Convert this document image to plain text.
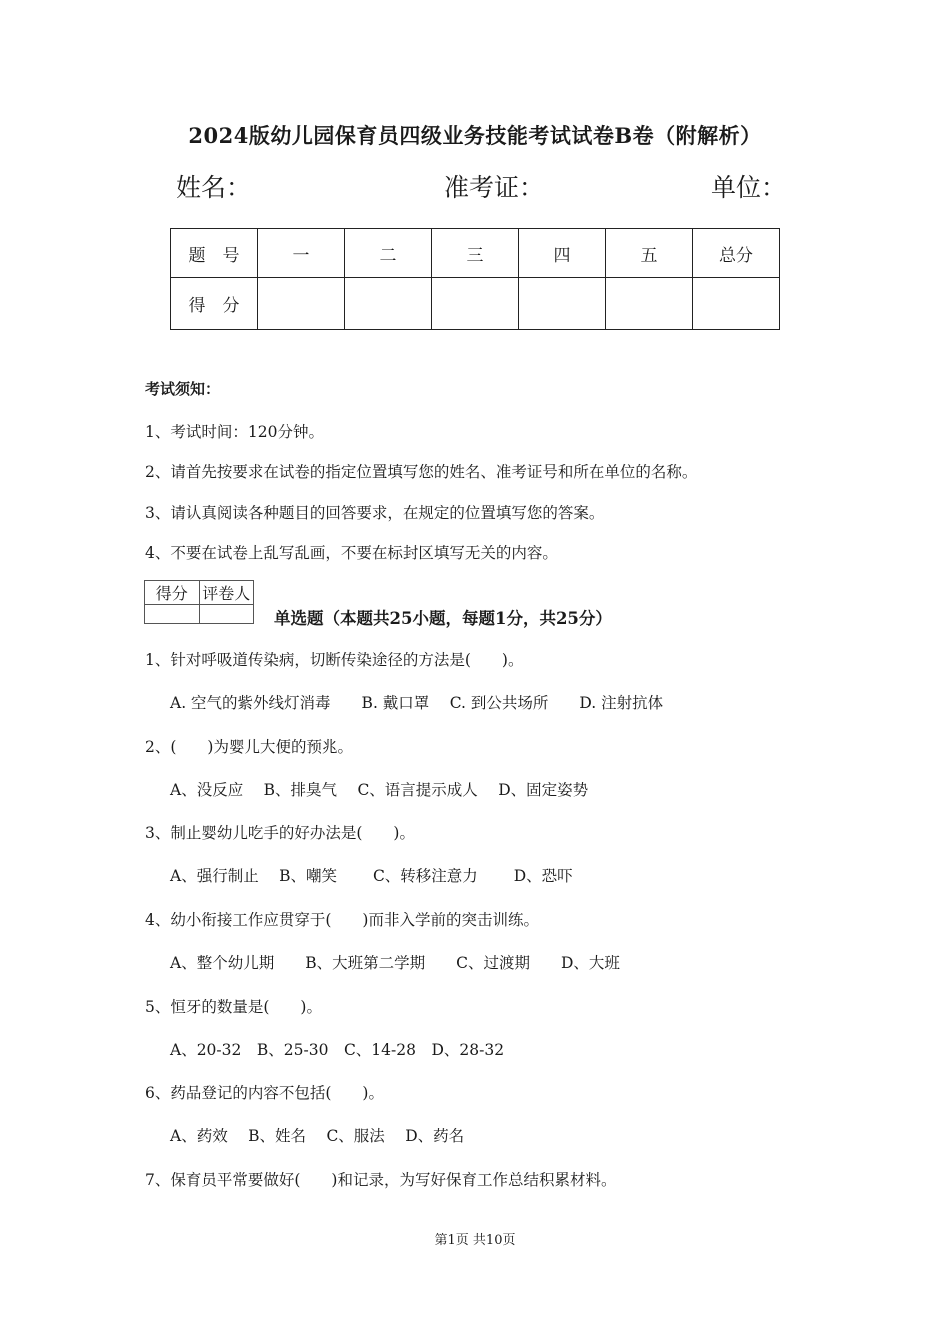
2024版幼儿园保育员四级业务技能考试试卷B卷（附解析）
姓名：	准考证：	单位：
题　号	一	二	三	四	五	总分
得　分						
考试须知：
1、考试时间：120分钟。
2、请首先按要求在试卷的指定位置填写您的姓名、准考证号和所在单位的名称。
3、请认真阅读各种题目的回答要求，在规定的位置填写您的答案。
4、不要在试卷上乱写乱画，不要在标封区填写无关的内容。
得分	评卷人

单选题（本题共25小题，每题1分，共25分）
1、针对呼吸道传染病，切断传染途径的方法是(　　)。
A. 空气的紫外线灯消毒　　B. 戴口罩　 C. 到公共场所　　D. 注射抗体
2、(　　)为婴儿大便的预兆。
A、没反应　 B、排臭气　 C、语言提示成人　 D、固定姿势
3、制止婴幼儿吃手的好办法是(　　)。
A、强行制止　 B、嘲笑　　 C、转移注意力　　 D、恐吓
4、幼小衔接工作应贯穿于(　　)而非入学前的突击训练。
A、整个幼儿期　　B、大班第二学期　　C、过渡期　　D、大班
5、恒牙的数量是(　　)。
A、20-32　B、25-30　C、14-28　D、28-32
6、药品登记的内容不包括(　　)。
A、药效　 B、姓名　 C、服法　 D、药名
7、保育员平常要做好(　　)和记录，为写好保育工作总结积累材料。
第1页 共10页
